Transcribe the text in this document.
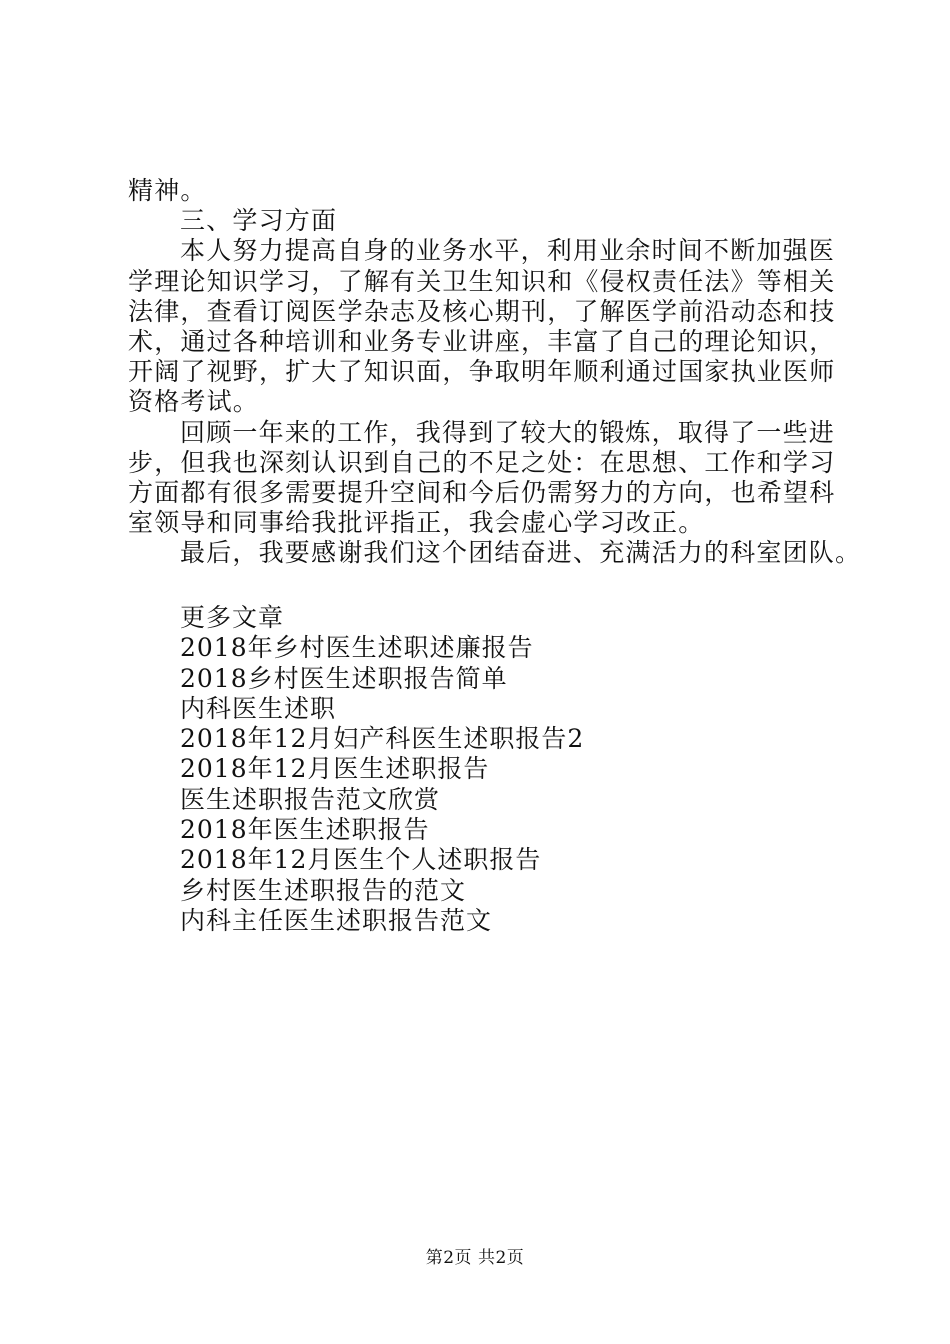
精神。
三、学习方面
本人努力提高自身的业务水平，利用业余时间不断加强医
学理论知识学习，了解有关卫生知识和《侵权责任法》等相关
法律，查看订阅医学杂志及核心期刊，了解医学前沿动态和技
术，通过各种培训和业务专业讲座，丰富了自己的理论知识，
开阔了视野，扩大了知识面，争取明年顺利通过国家执业医师
资格考试。
回顾一年来的工作，我得到了较大的锻炼，取得了一些进
步，但我也深刻认识到自己的不足之处：在思想、工作和学习
方面都有很多需要提升空间和今后仍需努力的方向，也希望科
室领导和同事给我批评指正，我会虚心学习改正。
最后，我要感谢我们这个团结奋进、充满活力的科室团队。
更多文章
2018年乡村医生述职述廉报告
2018乡村医生述职报告简单
内科医生述职
2018年12月妇产科医生述职报告2
2018年12月医生述职报告
医生述职报告范文欣赏
2018年医生述职报告
2018年12月医生个人述职报告
乡村医生述职报告的范文
内科主任医生述职报告范文
第2页 共2页
